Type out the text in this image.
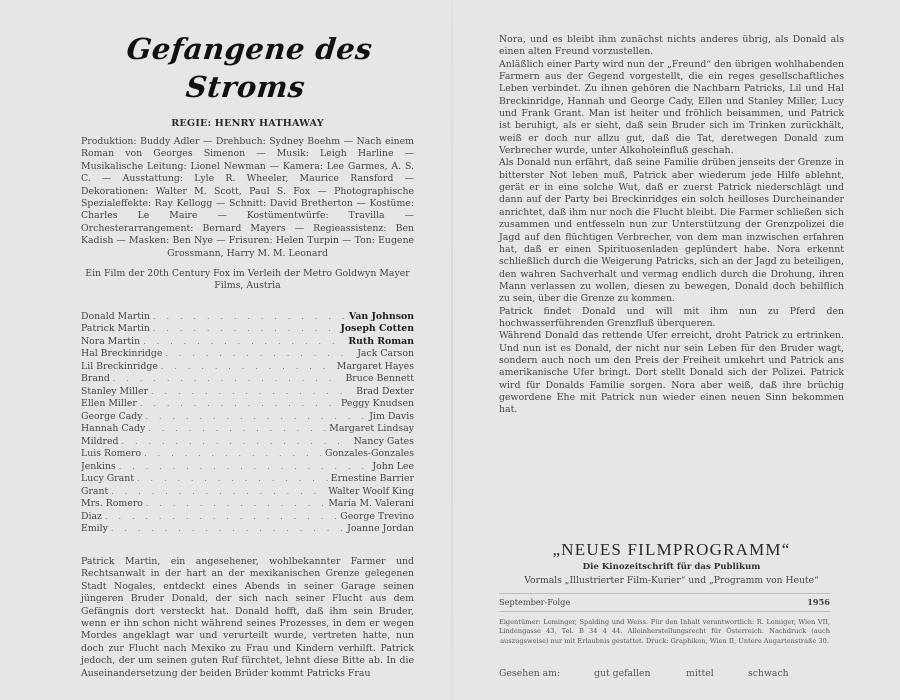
Gefangene des Stroms
REGIE: HENRY HATHAWAY
Produktion: Buddy Adler — Drehbuch: Sydney Boehm — Nach einem Roman von Georges Simenon — Musik: Leigh Harline — Musikalische Leitung: Lionel Newman — Kamera: Lee Garmes, A. S. C. — Ausstattung: Lyle R. Wheeler, Maurice Ransford — Dekorationen: Walter M. Scott, Paul S. Fox — Photographische Spezialeffekte: Ray Kellogg — Schnitt: David Bretherton — Kostüme: Charles Le Maire — Kostümentwürfe: Travilla — Orchesterarrangement: Bernard Mayers — Regieassistenz: Ben Kadish — Masken: Ben Nye — Frisuren: Helen Turpin — Ton: Eugene Grossmann, Harry M. M. Leonard
Ein Film der 20th Century Fox im Verleih der Metro Goldwyn Mayer Films, Austria
Donald Martin . . .	Van Johnson
Patrick Martin . . .	Joseph Cotten
Nora Martin . . .	Ruth Roman
Hal Breckinridge . . .	Jack Carson
Lil Breckinridge . . .	Margaret Hayes
Brand . . .	Bruce Bennett
Stanley Miller . . .	Brad Dexter
Ellen Miller . . .	Peggy Knudsen
George Cady . . .	Jim Davis
Hannah Cady . . .	Margaret Lindsay
Mildred . . .	Nancy Gates
Luis Romero . . .	Gonzales-Gonzales
Jenkins . . .	John Lee
Lucy Grant . . .	Ernestine Barrier
Grant . . .	Walter Woolf King
Mrs. Romero . . .	Maria M. Valerani
Diaz . . .	George Trevino
Emily . . .	Joanne Jordan
Patrick Martin, ein angesehener, wohlbekannter Farmer und Rechtsanwalt in der hart an der mexikanischen Grenze gelegenen Stadt Nogales, entdeckt eines Abends in seiner Garage seinen jüngeren Bruder Donald, der sich nach seiner Flucht aus dem Gefängnis dort versteckt hat. Donald hofft, daß ihm sein Bruder, wenn er ihn schon nicht während seines Prozesses, in dem er wegen Mordes angeklagt war und verurteilt wurde, vertreten hatte, nun doch zur Flucht nach Mexiko zu Frau und Kindern verhilft. Patrick jedoch, der um seinen guten Ruf fürchtet, lehnt diese Bitte ab. In die Auseinandersetzung der beiden Brüder kommt Patricks Frau

Nora, und es bleibt ihm zunächst nichts anderes übrig, als Donald als einen alten Freund vorzustellen.

Anläßlich einer Party wird nun der „Freund“ den übrigen wohlhabenden Farmern aus der Gegend vorgestellt, die ein reges gesellschaftliches Leben verbindet. Zu ihnen gehören die Nachbarn Patricks, Lil und Hal Breckinridge, Hannah und George Cady, Ellen und Stanley Miller, Lucy und Frank Grant. Man ist heiter und fröhlich beisammen, und Patrick ist beruhigt, als er sieht, daß sein Bruder sich im Trinken zurückhält, weiß er doch nur allzu gut, daß die Tat, deretwegen Donald zum Verbrecher wurde, unter Alkoholeinfluß geschah.

Als Donald nun erfährt, daß seine Familie drüben jenseits der Grenze in bitterster Not leben muß, Patrick aber wiederum jede Hilfe ablehnt, gerät er in eine solche Wut, daß er zuerst Patrick niederschlägt und dann auf der Party bei Breckinridges ein solch heilloses Durcheinander anrichtet, daß ihm nur noch die Flucht bleibt. Die Farmer schließen sich zusammen und entfesseln nun zur Unterstützung der Grenzpolizei die Jagd auf den flüchtigen Verbrecher, von dem man inzwischen erfahren hat, daß er einen Spirituosenladen geplündert habe. Nora erkennt schließlich durch die Weigerung Patricks, sich an der Jagd zu beteiligen, den wahren Sachverhalt und vermag endlich durch die Drohung, ihren Mann verlassen zu wollen, diesen zu bewegen, Donald doch behilflich zu sein, über die Grenze zu kommen.

Patrick findet Donald und will mit ihm nun zu Pferd den hochwasserführenden Grenzfluß überqueren.

Während Donald das rettende Ufer erreicht, droht Patrick zu ertrinken. Und nun ist es Donald, der nicht nur sein Leben für den Bruder wagt, sondern auch noch um den Preis der Freiheit umkehrt und Patrick ans amerikanische Ufer bringt. Dort stellt Donald sich der Polizei. Patrick wird für Donalds Familie sorgen. Nora aber weiß, daß ihre brüchig gewordene Ehe mit Patrick nun wieder einen neuen Sinn bekommen hat.

„NEUES FILMPROGRAMM“
Die Kinozeitschrift für das Publikum
Vormals „Illustrierter Film-Kurier“ und „Programm von Heute“
September-Folge	1956
Eigentümer: Leminger, Spalding und Weiss. Für den Inhalt verantwortlich: R. Lemiger, Wien VII, Lindengasse 43, Tel. B 34 4 44. Alleinherstellungsrecht für Österreich. Nachdruck (auch auszugsweise) nur mit Erlaubnis gestattet. Druck: Graphikon, Wien II, Untere Augartenstraße 30.
Gesehen am:	gut gefallen	mittel	schwach
